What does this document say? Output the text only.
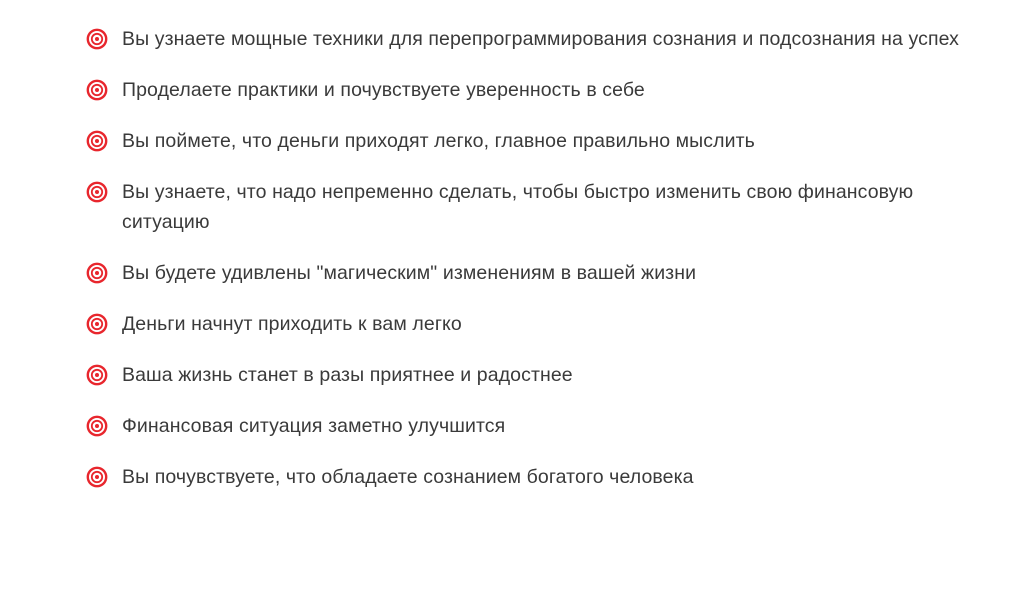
Вы узнаете мощные техники для перепрограммирования сознания и подсознания на успех
Проделаете практики и почувствуете уверенность в себе
Вы поймете, что деньги приходят легко, главное правильно мыслить
Вы узнаете, что надо непременно сделать, чтобы быстро изменить свою финансовую ситуацию
Вы будете удивлены "магическим" изменениям в вашей жизни
Деньги начнут приходить к вам легко
Ваша жизнь станет в разы приятнее и радостнее
Финансовая ситуация заметно улучшится
Вы почувствуете, что обладаете сознанием богатого человека
